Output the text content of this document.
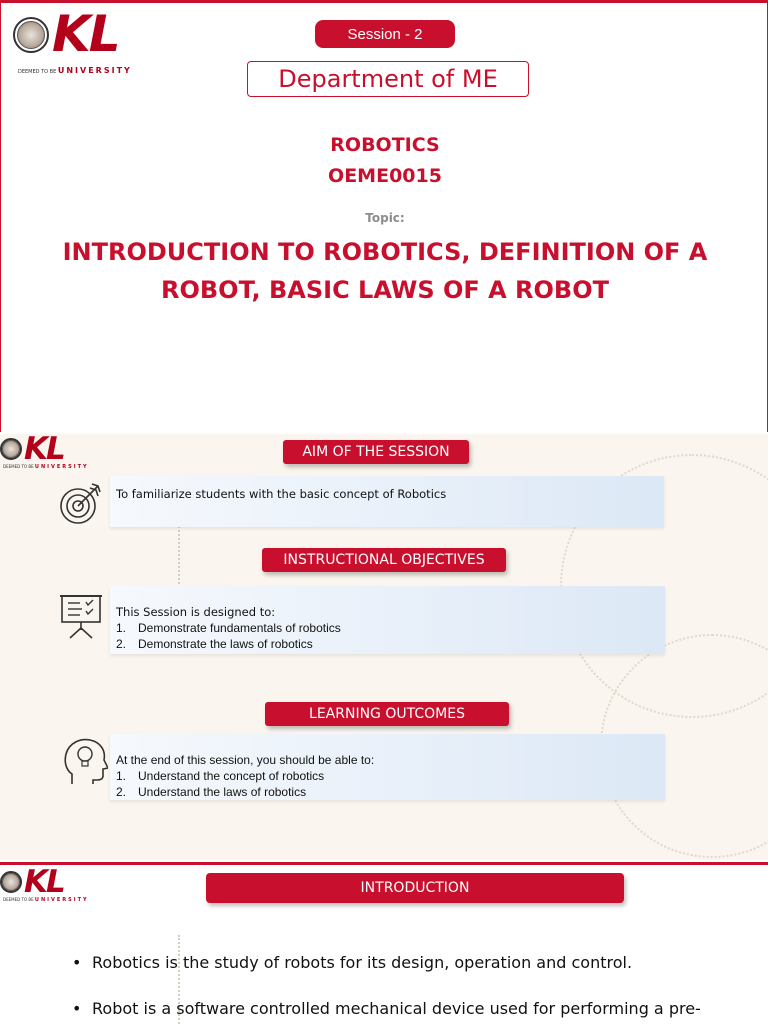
KL
DEEMED TO BE UNIVERSITY
Session - 2
Department of ME
ROBOTICS
OEME0015
Topic:
INTRODUCTION TO ROBOTICS, DEFINITION OF A
ROBOT, BASIC LAWS OF A ROBOT
KL
DEEMED TO BE UNIVERSITY
AIM OF THE SESSION
To familiarize students with the basic concept of Robotics
INSTRUCTIONAL OBJECTIVES
This Session is designed to:
1. Demonstrate fundamentals of robotics
2. Demonstrate the laws of robotics
LEARNING OUTCOMES
At the end of this session, you should be able to:
1. Understand the concept of robotics
2. Understand the laws of robotics
KL
DEEMED TO BE UNIVERSITY
INTRODUCTION
• Robotics is the study of robots for its design, operation and control.
• Robot is a software controlled mechanical device used for performing a pre-
